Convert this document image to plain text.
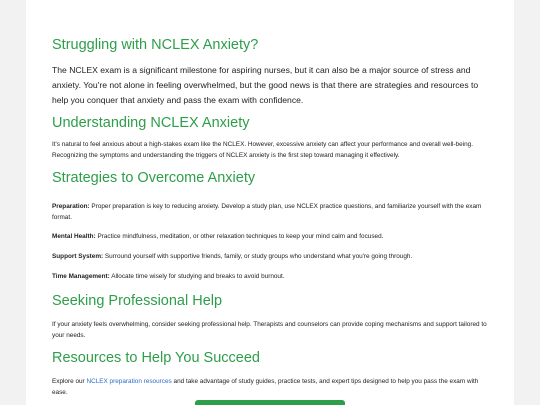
Struggling with NCLEX Anxiety?

The NCLEX exam is a significant milestone for aspiring nurses, but it can also be a major source of stress and anxiety. You're not alone in feeling overwhelmed, but the good news is that there are strategies and resources to help you conquer that anxiety and pass the exam with confidence.

Understanding NCLEX Anxiety

It's natural to feel anxious about a high-stakes exam like the NCLEX. However, excessive anxiety can affect your performance and overall well-being. Recognizing the symptoms and understanding the triggers of NCLEX anxiety is the first step toward managing it effectively.

Strategies to Overcome Anxiety

Preparation: Proper preparation is key to reducing anxiety. Develop a study plan, use NCLEX practice questions, and familiarize yourself with the exam format.

Mental Health: Practice mindfulness, meditation, or other relaxation techniques to keep your mind calm and focused.

Support System: Surround yourself with supportive friends, family, or study groups who understand what you're going through.

Time Management: Allocate time wisely for studying and breaks to avoid burnout.

Seeking Professional Help

If your anxiety feels overwhelming, consider seeking professional help. Therapists and counselors can provide coping mechanisms and support tailored to your needs.

Resources to Help You Succeed

Explore our NCLEX preparation resources and take advantage of study guides, practice tests, and expert tips designed to help you pass the exam with ease.
